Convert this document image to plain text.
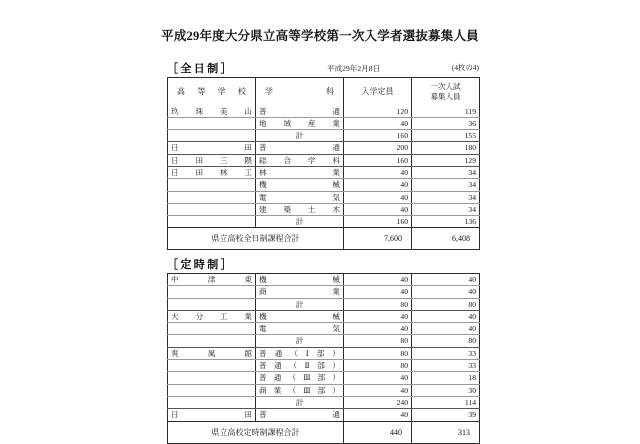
平成29年度大分県立高等学校第一次入学者選抜募集人員
［全日制］	平成29年2月8日	(4枚の4)
高等学校	学　科	入学定員	一次入試
募集人員

玖珠美山	普通	120	119
	地域産業	40	36
	計	160	155
日田	普通	200	180
日田三隈	総合学科	160	129
日田林工	林業	40	34
	機械	40	34
	電気	40	34
	建築土木	40	34
	計	160	136
県立高校全日制課程合計		7,600	6,408
［定時制］
中津東	機械	40	40
	商業	40	40
	計	80	80
大分工業	機械	40	40
	電気	40	40
	計	80	80
爽風館	普通（Ⅰ部）	80	33
	普通（Ⅱ部）	80	33
	普通（Ⅲ部）	40	18
	商業（Ⅲ部）	40	30
	計	240	114
日田	普通	40	39
県立高校定時制課程合計		440	313
